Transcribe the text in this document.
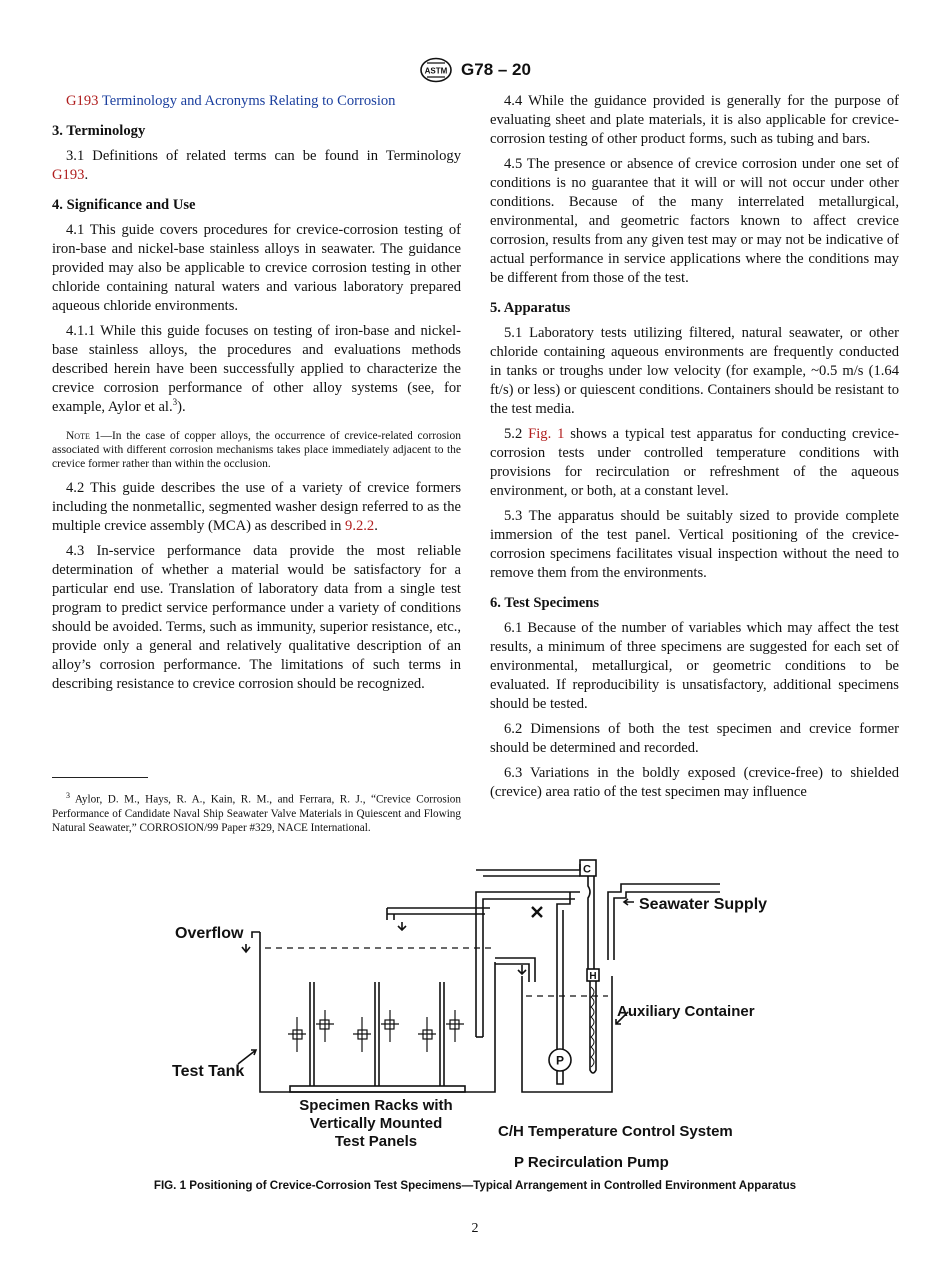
ASTM G78 – 20
G193 Terminology and Acronyms Relating to Corrosion
3. Terminology

3.1 Definitions of related terms can be found in Terminology G193.

4. Significance and Use

4.1 This guide covers procedures for crevice-corrosion testing of iron-base and nickel-base stainless alloys in seawater. The guidance provided may also be applicable to crevice corrosion testing in other chloride containing natural waters and various laboratory prepared aqueous chloride environments.

4.1.1 While this guide focuses on testing of iron-base and nickel-base stainless alloys, the procedures and evaluations methods described herein have been successfully applied to characterize the crevice corrosion performance of other alloy systems (see, for example, Aylor et al.$^3$).

Note 1—In the case of copper alloys, the occurrence of crevice-related corrosion associated with different corrosion mechanisms takes place immediately adjacent to the crevice former rather than within the occlusion.

4.2 This guide describes the use of a variety of crevice formers including the nonmetallic, segmented washer design referred to as the multiple crevice assembly (MCA) as described in 9.2.2.

4.3 In-service performance data provide the most reliable determination of whether a material would be satisfactory for a particular end use. Translation of laboratory data from a single test program to predict service performance under a variety of conditions should be avoided. Terms, such as immunity, superior resistance, etc., provide only a general and relatively qualitative description of an alloy’s corrosion performance. The limitations of such terms in describing resistance to crevice corrosion should be recognized.

$^3$ Aylor, D. M., Hays, R. A., Kain, R. M., and Ferrara, R. J., “Crevice Corrosion Performance of Candidate Naval Ship Seawater Valve Materials in Quiescent and Flowing Natural Seawater,” CORROSION/99 Paper #329, NACE International.

4.4 While the guidance provided is generally for the purpose of evaluating sheet and plate materials, it is also applicable for crevice-corrosion testing of other product forms, such as tubing and bars.

4.5 The presence or absence of crevice corrosion under one set of conditions is no guarantee that it will or will not occur under other conditions. Because of the many interrelated metallurgical, environmental, and geometric factors known to affect crevice corrosion, results from any given test may or may not be indicative of actual performance in service applications where the conditions may be different from those of the test.

5. Apparatus

5.1 Laboratory tests utilizing filtered, natural seawater, or other chloride containing aqueous environments are frequently conducted in tanks or troughs under low velocity (for example, ~0.5 m/s (1.64 ft/s) or less) or quiescent conditions. Containers should be resistant to the test media.

5.2 Fig. 1 shows a typical test apparatus for conducting crevice-corrosion tests under controlled temperature conditions with provisions for recirculation or refreshment of the aqueous environment, or both, at a constant level.

5.3 The apparatus should be suitably sized to provide complete immersion of the test panel. Vertical positioning of the crevice-corrosion specimens facilitates visual inspection without the need to remove them from the environments.

6. Test Specimens

6.1 Because of the number of variables which may affect the test results, a minimum of three specimens are suggested for each set of environmental, metallurgical, or geometric conditions to be evaluated. If reproducibility is unsatisfactory, additional specimens should be tested.

6.2 Dimensions of both the test specimen and crevice former should be determined and recorded.

6.3 Variations in the boldly exposed (crevice-free) to shielded (crevice) area ratio of the test specimen may influence

C
H
P
Overflow
Seawater Supply
Auxiliary Container
Test Tank
Specimen Racks with
Vertically Mounted
Test Panels
C/H Temperature Control System
P Recirculation Pump
FIG. 1 Positioning of Crevice-Corrosion Test Specimens—Typical Arrangement in Controlled Environment Apparatus
2
